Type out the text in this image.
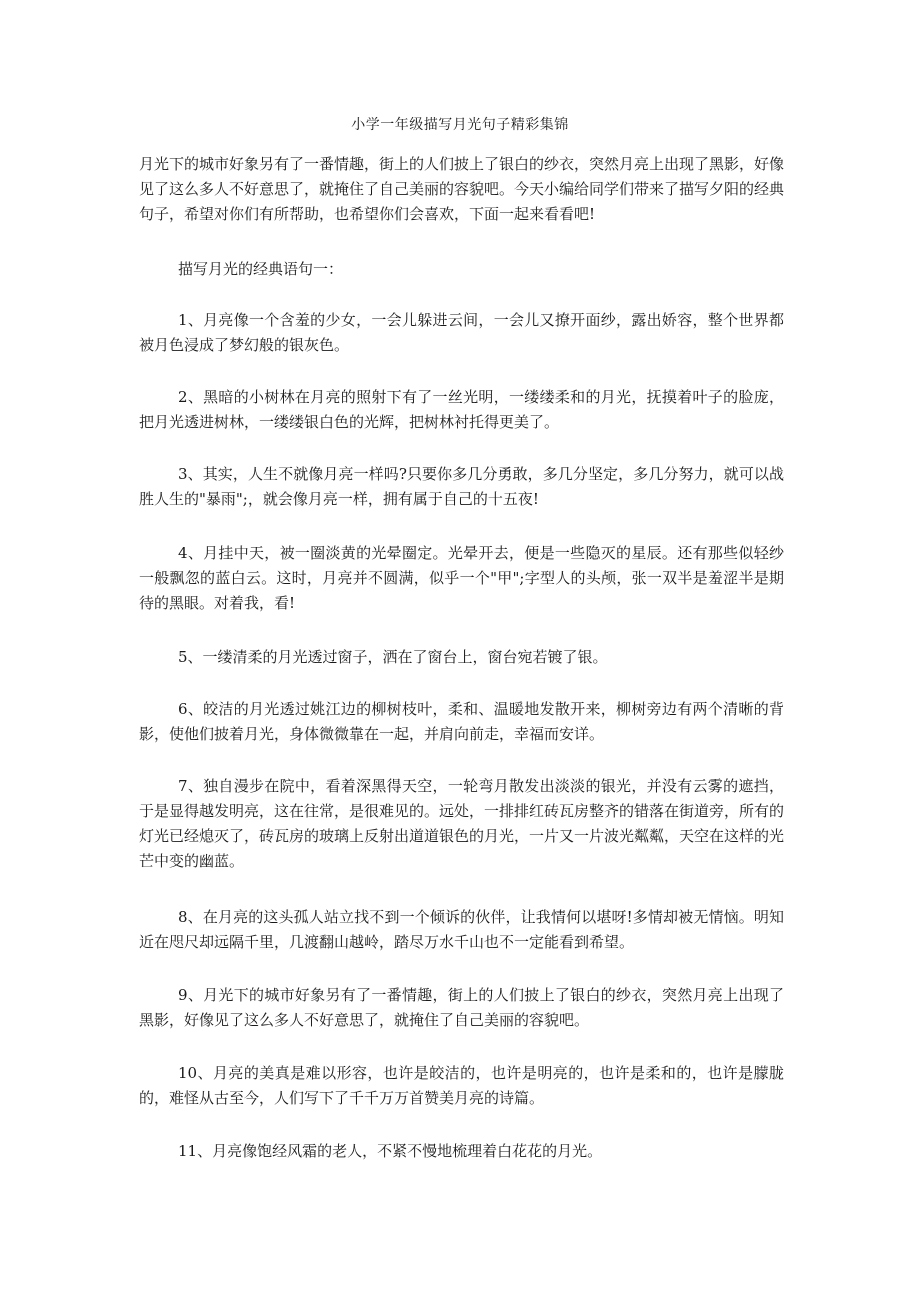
小学一年级描写月光句子精彩集锦
月光下的城市好象另有了一番情趣，街上的人们披上了银白的纱衣，突然月亮上出现了黑影，好像见了这么多人不好意思了，就掩住了自己美丽的容貌吧。今天小编给同学们带来了描写夕阳的经典句子，希望对你们有所帮助，也希望你们会喜欢，下面一起来看看吧!
描写月光的经典语句一：
1、月亮像一个含羞的少女，一会儿躲进云间，一会儿又撩开面纱，露出娇容，整个世界都被月色浸成了梦幻般的银灰色。
2、黑暗的小树林在月亮的照射下有了一丝光明，一缕缕柔和的月光，抚摸着叶子的脸庞，把月光透进树林，一缕缕银白色的光辉，把树林衬托得更美了。
3、其实，人生不就像月亮一样吗?只要你多几分勇敢，多几分坚定，多几分努力，就可以战胜人生的"暴雨";，就会像月亮一样，拥有属于自己的十五夜!
4、月挂中天，被一圈淡黄的光晕圈定。光晕开去，便是一些隐灭的星辰。还有那些似轻纱一般飘忽的蓝白云。这时，月亮并不圆满，似乎一个"甲";字型人的头颅，张一双半是羞涩半是期待的黑眼。对着我，看!
5、一缕清柔的月光透过窗子，洒在了窗台上，窗台宛若镀了银。
6、皎洁的月光透过姚江边的柳树枝叶，柔和、温暖地发散开来，柳树旁边有两个清晰的背影，使他们披着月光，身体微微靠在一起，并肩向前走，幸福而安详。
7、独自漫步在院中，看着深黑得天空，一轮弯月散发出淡淡的银光，并没有云雾的遮挡，于是显得越发明亮，这在往常，是很难见的。远处，一排排红砖瓦房整齐的错落在街道旁，所有的灯光已经熄灭了，砖瓦房的玻璃上反射出道道银色的月光，一片又一片波光粼粼，天空在这样的光芒中变的幽蓝。
8、在月亮的这头孤人站立找不到一个倾诉的伙伴，让我情何以堪呀!多情却被无情恼。明知近在咫尺却远隔千里，几渡翻山越岭，踏尽万水千山也不一定能看到希望。
9、月光下的城市好象另有了一番情趣，街上的人们披上了银白的纱衣，突然月亮上出现了黑影，好像见了这么多人不好意思了，就掩住了自己美丽的容貌吧。
10、月亮的美真是难以形容，也许是皎洁的，也许是明亮的，也许是柔和的，也许是朦胧的，难怪从古至今，人们写下了千千万万首赞美月亮的诗篇。
11、月亮像饱经风霜的老人，不紧不慢地梳理着白花花的月光。
